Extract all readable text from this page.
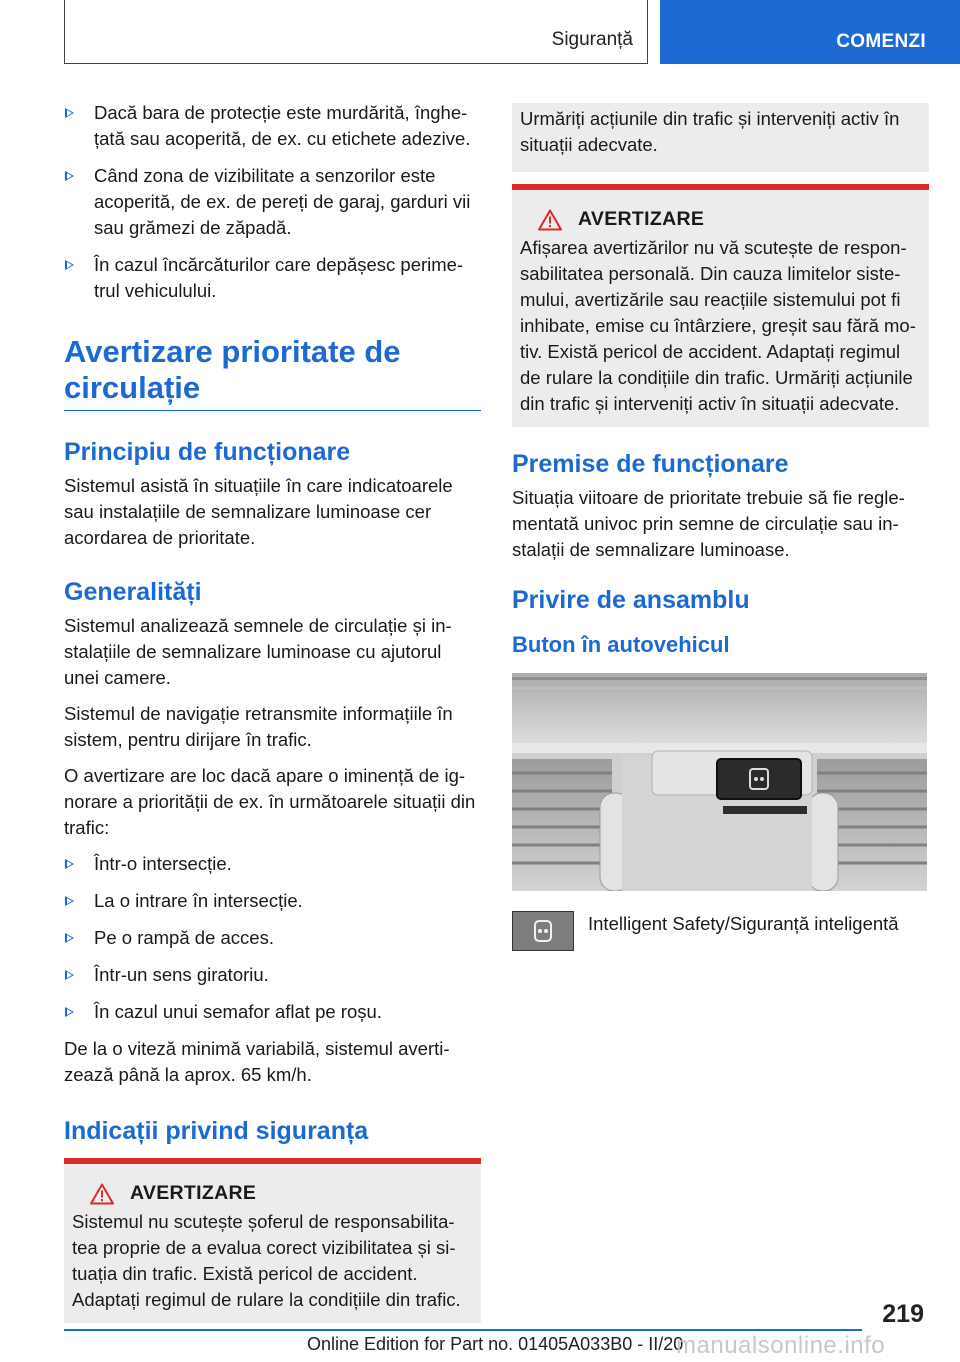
Siguranță	COMENZI
Dacă bara de protecție este murdărită, înghe-țată sau acoperită, de ex. cu etichete adezive.
Când zona de vizibilitate a senzorilor este acoperită, de ex. de pereți de garaj, garduri vii sau grămezi de zăpadă.
În cazul încărcăturilor care depășesc perime-trul vehiculului.
Avertizare prioritate de circulație
Principiu de funcționare

Sistemul asistă în situațiile în care indicatoarele sau instalațiile de semnalizare luminoase cer acordarea de prioritate.

Generalități

Sistemul analizează semnele de circulație și in-stalațiile de semnalizare luminoase cu ajutorul unei camere.

Sistemul de navigație retransmite informațiile în sistem, pentru dirijare în trafic.

O avertizare are loc dacă apare o iminență de ig-norare a priorității de ex. în următoarele situații din trafic:

Într-o intersecție.
La o intrare în intersecție.
Pe o rampă de acces.
Într-un sens giratoriu.
În cazul unui semafor aflat pe roșu.

De la o viteză minimă variabilă, sistemul averti-zează până la aprox. 65 km/h.

Indicații privind siguranța
AVERTIZARE

Sistemul nu scutește șoferul de responsabilita-tea proprie de a evalua corect vizibilitatea și si-tuația din trafic. Există pericol de accident. Adaptați regimul de rulare la condițiile din trafic.

Urmăriți acțiunile din trafic și interveniți activ în situații adecvate.

AVERTIZARE

Afișarea avertizărilor nu vă scutește de respon-sabilitatea personală. Din cauza limitelor siste-mului, avertizările sau reacțiile sistemului pot fi inhibate, emise cu întârziere, greșit sau fără mo-tiv. Există pericol de accident. Adaptați regimul de rulare la condițiile din trafic. Urmăriți acțiunile din trafic și interveniți activ în situații adecvate.

Premise de funcționare

Situația viitoare de prioritate trebuie să fie regle-mentată univoc prin semne de circulație sau in-stalații de semnalizare luminoase.

Privire de ansamblu
Buton în autovehicul
Intelligent Safety/Siguranță inteligentă
219
Online Edition for Part no. 01405A033B0 - II/20
manualsonline.info
